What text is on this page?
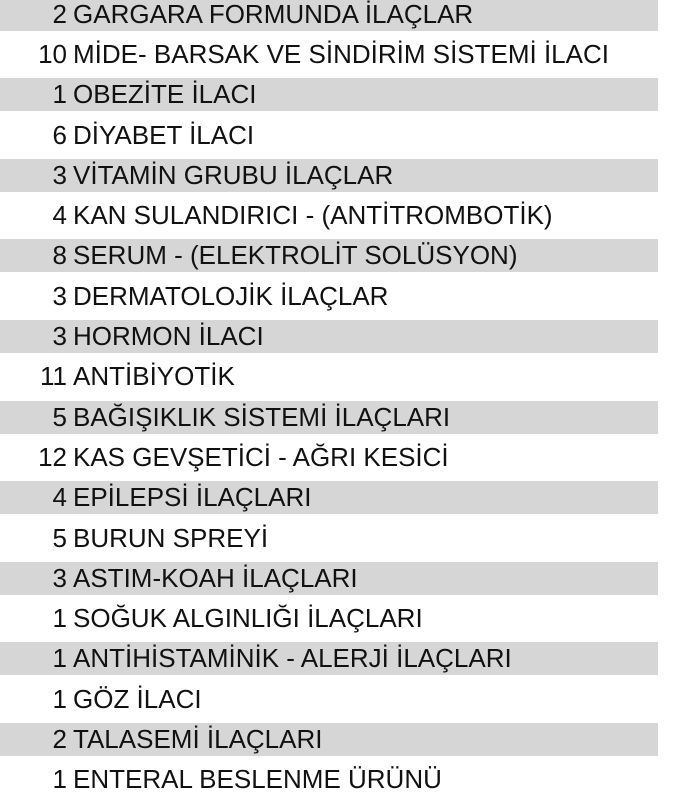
2 GARGARA FORMUNDA İLAÇLAR
10 MİDE- BARSAK VE SİNDİRİM SİSTEMİ İLACI
1 OBEZİTE İLACI
6 DİYABET İLACI
3 VİTAMİN GRUBU İLAÇLAR
4 KAN SULANDIRICI - (ANTİTROMBOTİK)
8 SERUM - (ELEKTROLİT SOLÜSYON)
3 DERMATOLOJİK İLAÇLAR
3 HORMON İLACI
11 ANTİBİYOTİK
5 BAĞIŞIKLIK SİSTEMİ İLAÇLARI
12 KAS GEVŞETİCİ - AĞRI KESİCİ
4 EPİLEPSİ İLAÇLARI
5 BURUN SPREYİ
3 ASTIM-KOAH İLAÇLARI
1 SOĞUK ALGINLIĞI İLAÇLARI
1 ANTİHİSTAMİNİK - ALERJİ İLAÇLARI
1 GÖZ İLACI
2 TALASEMİ İLAÇLARI
1 ENTERAL BESLENME ÜRÜNÜ
